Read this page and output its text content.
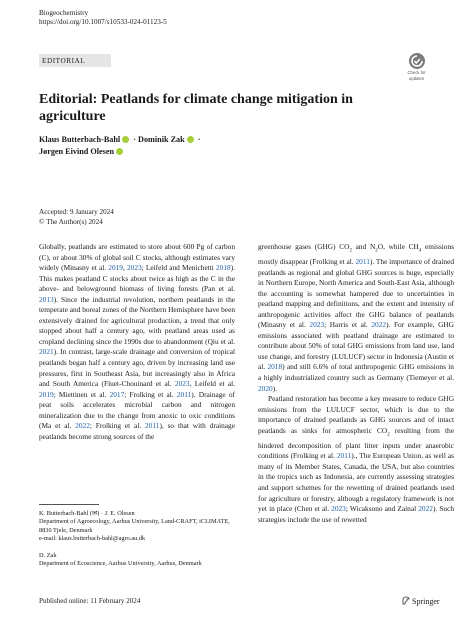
Biogeochemistry
https://doi.org/10.1007/s10533-024-01123-5
EDITORIAL
Check for
updates
Editorial: Peatlands for climate change mitigation in agriculture
Klaus Butterbach-Bahl · Dominik Zak ·
Jørgen Eivind Olesen
Accepted: 9 January 2024
© The Author(s) 2024

Globally, peatlands are estimated to store about 600 Pg of carbon (C), or about 30% of global soil C stocks, although estimates vary widely (Minasny et al. 2019, 2023; Leifeld and Menichetti 2018). This makes peatland C stocks about twice as high as the C in the above- and belowground biomass of living forests (Pan et al. 2013). Since the industrial revolution, northern peatlands in the temperate and boreal zones of the Northern Hemisphere have been extensively drained for agricultural production, a trend that only stopped about half a century ago, with peatland areas used as cropland declining since the 1990s due to abandonment (Qiu et al. 2021). In contrast, large-scale drainage and conversion of tropical peatlands began half a century ago, driven by increasing land use pressures, first in Southeast Asia, but increasingly also in Africa and South America (Fluet-Chouinard et al. 2023, Leifeld et al. 2019; Miettinen et al. 2017; Frolking et al. 2011). Drainage of peat soils accelerates microbial carbon and nitrogen mineralization due to the change from anoxic to oxic conditions (Ma et al. 2022; Frolking et al. 2011), so that with drainage peatlands become strong sources of the

greenhouse gases (GHG) $CO_2$ and $N_2O$, while $CH_4$ emissions mostly disappear (Frolking et al. 2011). The importance of drained peatlands as regional and global GHG sources is huge, especially in Northern Europe, North America and South-East Asia, although the accounting is somewhat hampered due to uncertainties in peatland mapping and definitions, and the extent and intensity of anthropogenic activities affect the GHG balance of peatlands (Minasny et al. 2023; Harris et al. 2022). For example, GHG emissions associated with peatland drainage are estimated to contribute about 50% of total GHG emissions from land use, land use change, and forestry (LULUCF) sector in Indonesia (Austin et al. 2018) and still 6.6% of total anthropogenic GHG emissions in a highly industrialized country such as Germany (Tiemeyer et al. 2020).

Peatland restoration has become a key measure to reduce GHG emissions from the LULUCF sector, which is due to the importance of drained peatlands as GHG sources and of intact peatlands as sinks for atmospheric $CO_2$ resulting from the hindered decomposition of plant litter inputs under anaerobic conditions (Frolking et al. 2011)., The European Union, as well as many of its Member States, Canada, the USA, but also countries in the tropics such as Indonesia, are currently assessing strategies and support schemes for the rewetting of drained peatlands used for agriculture or forestry, although a regulatory framework is not yet in place (Chen et al. 2023; Wicaksono and Zainal 2022). Such strategies include the use of rewetted

K. Butterbach-Bahl (✉) · J. E. Olesen
Department of Agroecology, Aarhus University, Land-CRAFT, iCLIMATE, 8830 Tjele, Denmark
e-mail: klaus.butterbach-bahl@agro.au.dk
D. Zak
Department of Ecoscience, Aarhus University, Aarhus, Denmark
Published online: 11 February 2024	Springer
